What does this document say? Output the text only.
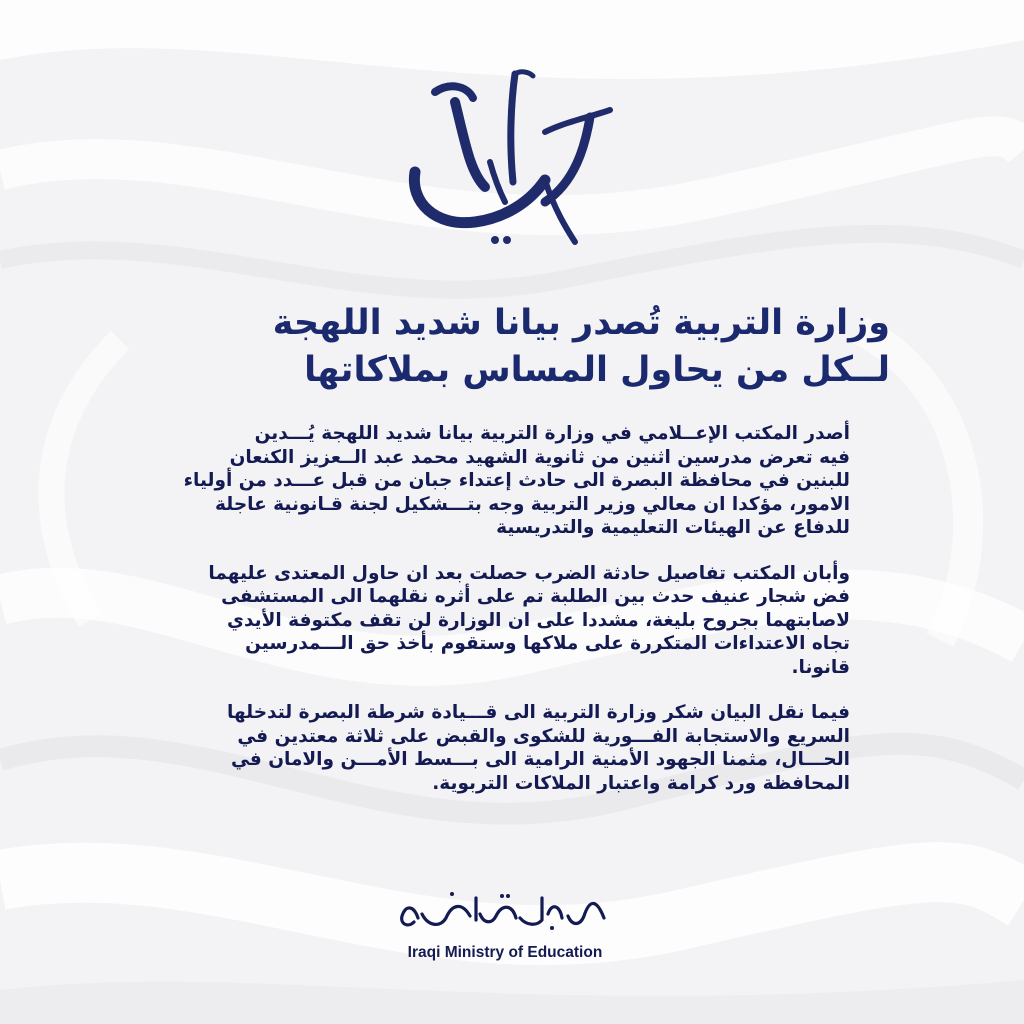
وزارة التربية تُصدر بيانا شديد اللهجة
لــكل من يحاول المساس بملاكاتها
أصدر المكتب الإعــلامي في وزارة التربية بيانا شديد اللهجة يُـــدين
فيه تعرض مدرسين اثنين من ثانوية الشهيد محمد عبد الــعزيز الكنعان
للبنين في محافظة البصرة الى حادث إعتداء جبان من قبل عـــدد من أولياء
الامور، مؤكدا ان معالي وزير التربية وجه بتـــشكيل لجنة قـانونية عاجلة
للدفاع عن الهيئات التعليمية والتدريسية
وأبان المكتب تفاصيل حادثة الضرب حصلت بعد ان حاول المعتدى عليهما
فض شجار عنيف حدث بين الطلبة تم على أثره نقلهما الى المستشفى
لاصابتهما بجروح بليغة، مشددا على ان الوزارة لن تقف مكتوفة الأيدي
تجاه الاعتداءات المتكررة على ملاكها وستقوم بأخذ حق الـــمدرسين
قانونا.
فيما نقل البيان شكر وزارة التربية الى قـــيادة شرطة البصرة لتدخلها
السريع والاستجابة الفـــورية للشكوى والقبض على ثلاثة معتدين في
الحـــال، مثمنا الجهود الأمنية الرامية الى بـــسط الأمـــن والامان في
المحافظة ورد كرامة واعتبار الملاكات التربوية.
Iraqi Ministry of Education
